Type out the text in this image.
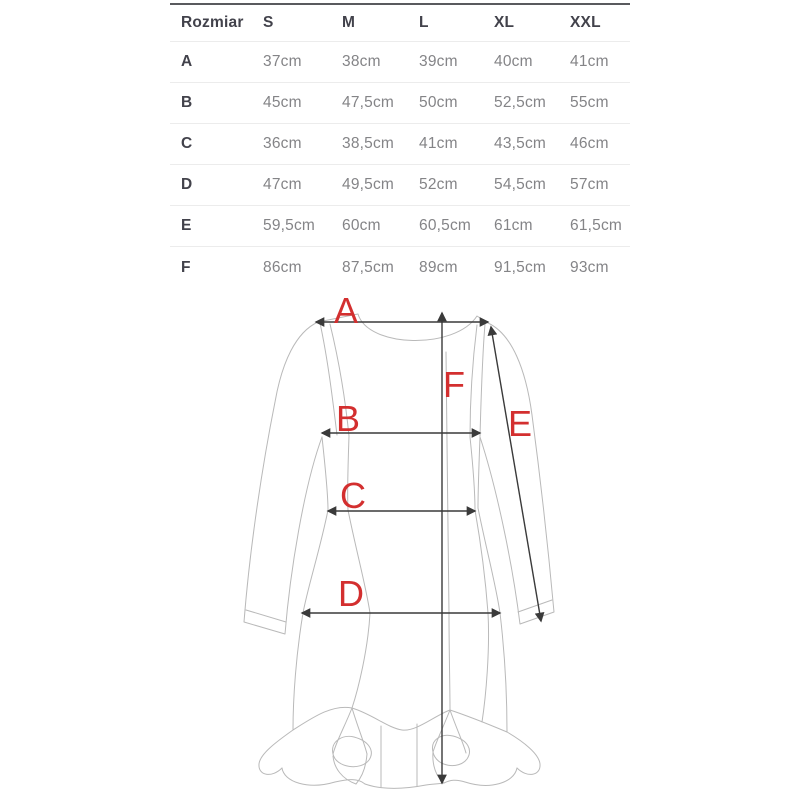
Rozmiar	S	M	L	XL	XXL
A	37cm	38cm	39cm	40cm	41cm
B	45cm	47,5cm	50cm	52,5cm	55cm
C	36cm	38,5cm	41cm	43,5cm	46cm
D	47cm	49,5cm	52cm	54,5cm	57cm
E	59,5cm	60cm	60,5cm	61cm	61,5cm
F	86cm	87,5cm	89cm	91,5cm	93cm
A
B
C
D
E
F
